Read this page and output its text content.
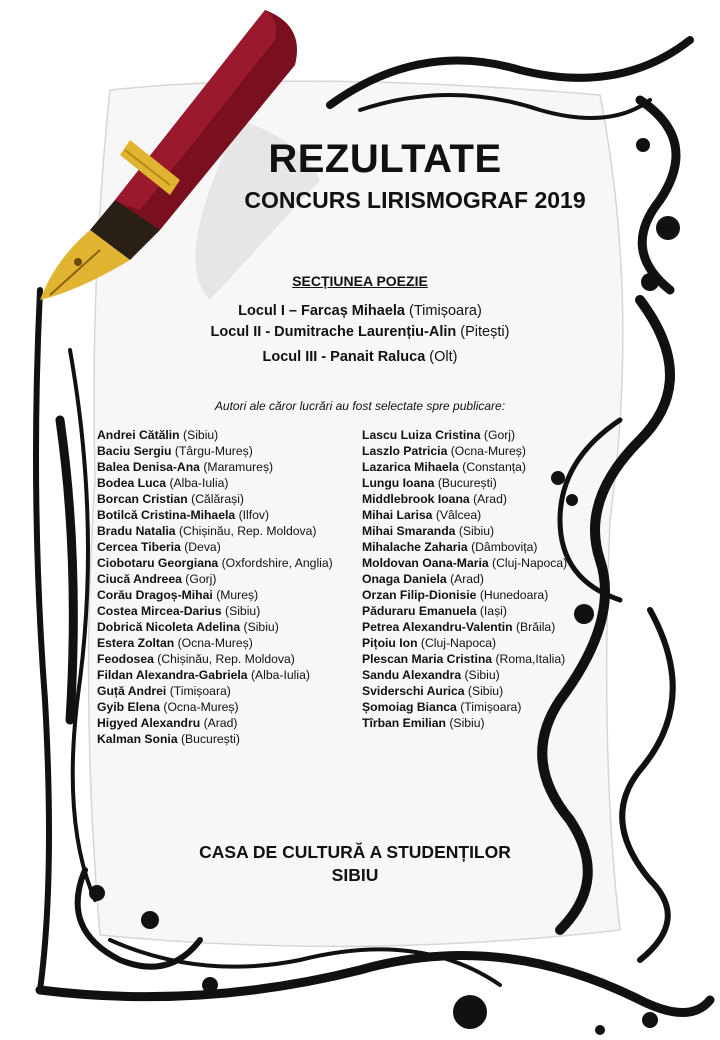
REZULTATE
CONCURS LIRISMOGRAF 2019
SECȚIUNEA POEZIE
Locul I – Farcaș Mihaela (Timișoara)
Locul II - Dumitrache Laurențiu-Alin (Pitești)
Locul III - Panait Raluca (Olt)
Autori ale căror lucrări au fost selectate spre publicare:
Andrei Cătălin (Sibiu)
Baciu Sergiu (Târgu-Mureș)
Balea Denisa-Ana (Maramureș)
Bodea Luca (Alba-Iulia)
Borcan Cristian (Călărași)
Botilcă Cristina-Mihaela (Ilfov)
Bradu Natalia (Chișinău, Rep. Moldova)
Cercea Tiberia (Deva)
Ciobotaru Georgiana (Oxfordshire, Anglia)
Ciucă Andreea (Gorj)
Corău Dragoș-Mihai (Mureș)
Costea Mircea-Darius (Sibiu)
Dobrică Nicoleta Adelina (Sibiu)
Estera Zoltan (Ocna-Mureș)
Feodosea (Chișinău, Rep. Moldova)
Fildan Alexandra-Gabriela (Alba-Iulia)
Guță Andrei (Timișoara)
Gyib Elena (Ocna-Mureș)
Higyed Alexandru (Arad)
Kalman Sonia (București)
Lascu Luiza Cristina (Gorj)
Laszlo Patricia (Ocna-Mureș)
Lazarica Mihaela (Constanța)
Lungu Ioana (București)
Middlebrook Ioana (Arad)
Mihai Larisa (Vâlcea)
Mihai Smaranda (Sibiu)
Mihalache Zaharia (Dâmbovița)
Moldovan Oana-Maria (Cluj-Napoca)
Onaga Daniela (Arad)
Orzan Filip-Dionisie (Hunedoara)
Păduraru Emanuela (Iași)
Petrea Alexandru-Valentin (Brăila)
Pițoiu Ion (Cluj-Napoca)
Plescan Maria Cristina (Roma,Italia)
Sandu Alexandra (Sibiu)
Sviderschi Aurica (Sibiu)
Șomoiag Bianca (Timișoara)
Tîrban Emilian (Sibiu)
CASA DE CULTURĂ A STUDENȚILOR
SIBIU
